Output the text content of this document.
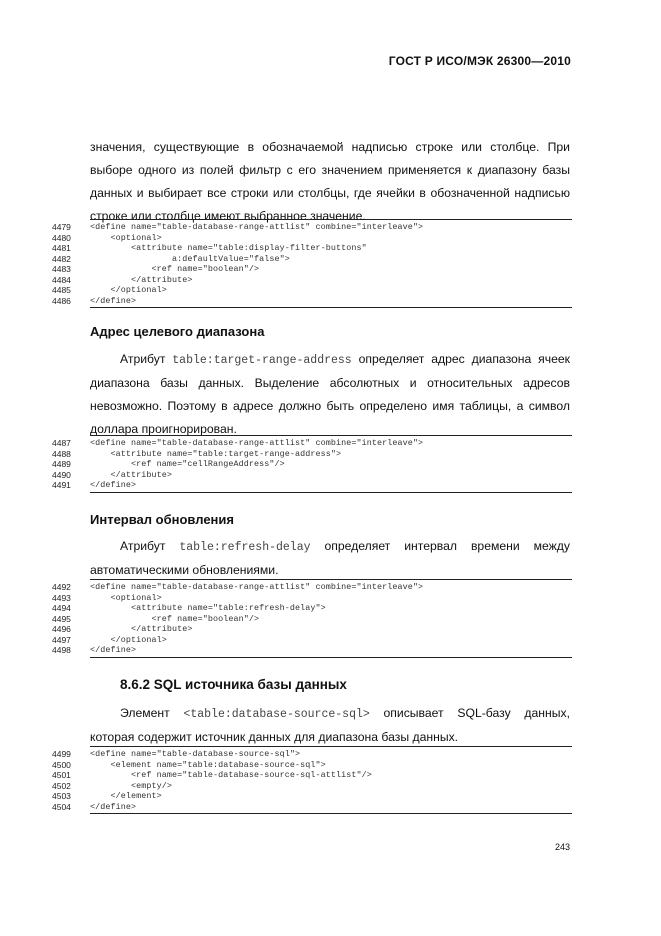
ГОСТ Р ИСО/МЭК 26300—2010

значения, существующие в обозначаемой надписью строке или столбце. При выборе одного из полей фильтр с его значением применяется к диапазону базы данных и выбирает все строки или столбцы, где ячейки в обозначенной надписью строке или столбце имеют выбранное значение.

4479	<define name="table-database-range-attlist" combine="interleave">
4480	<optional>
4481	<attribute name="table:display-filter-buttons"
4482	a:defaultValue="false">
4483	<ref name="boolean"/>
4484	</attribute>
4485	</optional>
4486	</define>
Адрес целевого диапазона

Атрибут table:target-range-address определяет адрес диапазона ячеек диапазона базы данных. Выделение абсолютных и относительных адресов невозможно. Поэтому в адресе должно быть определено имя таблицы, а символ доллара проигнорирован.

4487	<define name="table-database-range-attlist" combine="interleave">
4488	<attribute name="table:target-range-address">
4489	<ref name="cellRangeAddress"/>
4490	</attribute>
4491	</define>
Интервал обновления

Атрибут table:refresh-delay определяет интервал времени между автоматическими обновлениями.

4492	<define name="table-database-range-attlist" combine="interleave">
4493	<optional>
4494	<attribute name="table:refresh-delay">
4495	<ref name="boolean"/>
4496	</attribute>
4497	</optional>
4498	</define>
8.6.2 SQL источника базы данных

Элемент <table:database-source-sql> описывает SQL-базу данных, которая содержит источник данных для диапазона базы данных.

4499	<define name="table-database-source-sql">
4500	<element name="table:database-source-sql">
4501	<ref name="table-database-source-sql-attlist"/>
4502	<empty/>
4503	</element>
4504	</define>
243
